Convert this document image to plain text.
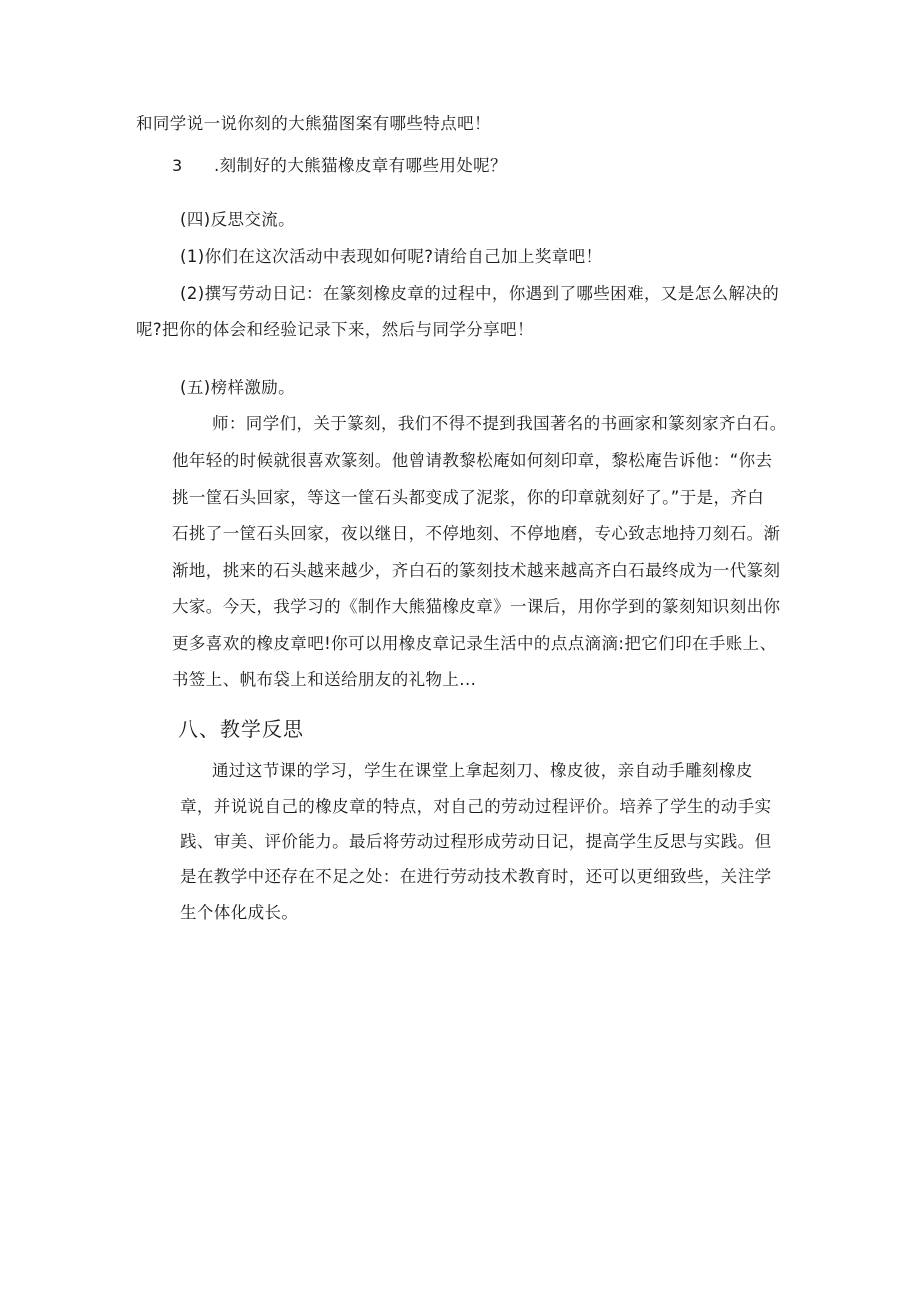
和同学说一说你刻的大熊猫图案有哪些特点吧！
3 .刻制好的大熊猫橡皮章有哪些用处呢？
(四)反思交流。
(1)你们在这次活动中表现如何呢?请给自己加上奖章吧！
(2)撰写劳动日记：在篆刻橡皮章的过程中，你遇到了哪些困难，又是怎么解决的
呢?把你的体会和经验记录下来，然后与同学分享吧！
(五)榜样激励。
师：同学们，关于篆刻，我们不得不提到我国著名的书画家和篆刻家齐白石。
他年轻的时候就很喜欢篆刻。他曾请教黎松庵如何刻印章，黎松庵告诉他：“你去
挑一筐石头回家，等这一筐石头都变成了泥浆，你的印章就刻好了。”于是，齐白
石挑了一筐石头回家，夜以继日，不停地刻、不停地磨，专心致志地持刀刻石。渐
渐地，挑来的石头越来越少，齐白石的篆刻技术越来越高齐白石最终成为一代篆刻
大家。今天，我学习的《制作大熊猫橡皮章》一课后，用你学到的篆刻知识刻出你
更多喜欢的橡皮章吧!你可以用橡皮章记录生活中的点点滴滴:把它们印在手账上、
书签上、帆布袋上和送给朋友的礼物上...
八、教学反思
通过这节课的学习，学生在课堂上拿起刻刀、橡皮彼，亲自动手雕刻橡皮
章，并说说自己的橡皮章的特点，对自己的劳动过程评价。培养了学生的动手实
践、审美、评价能力。最后将劳动过程形成劳动日记，提高学生反思与实践。但
是在教学中还存在不足之处：在进行劳动技术教育时，还可以更细致些，关注学
生个体化成长。
